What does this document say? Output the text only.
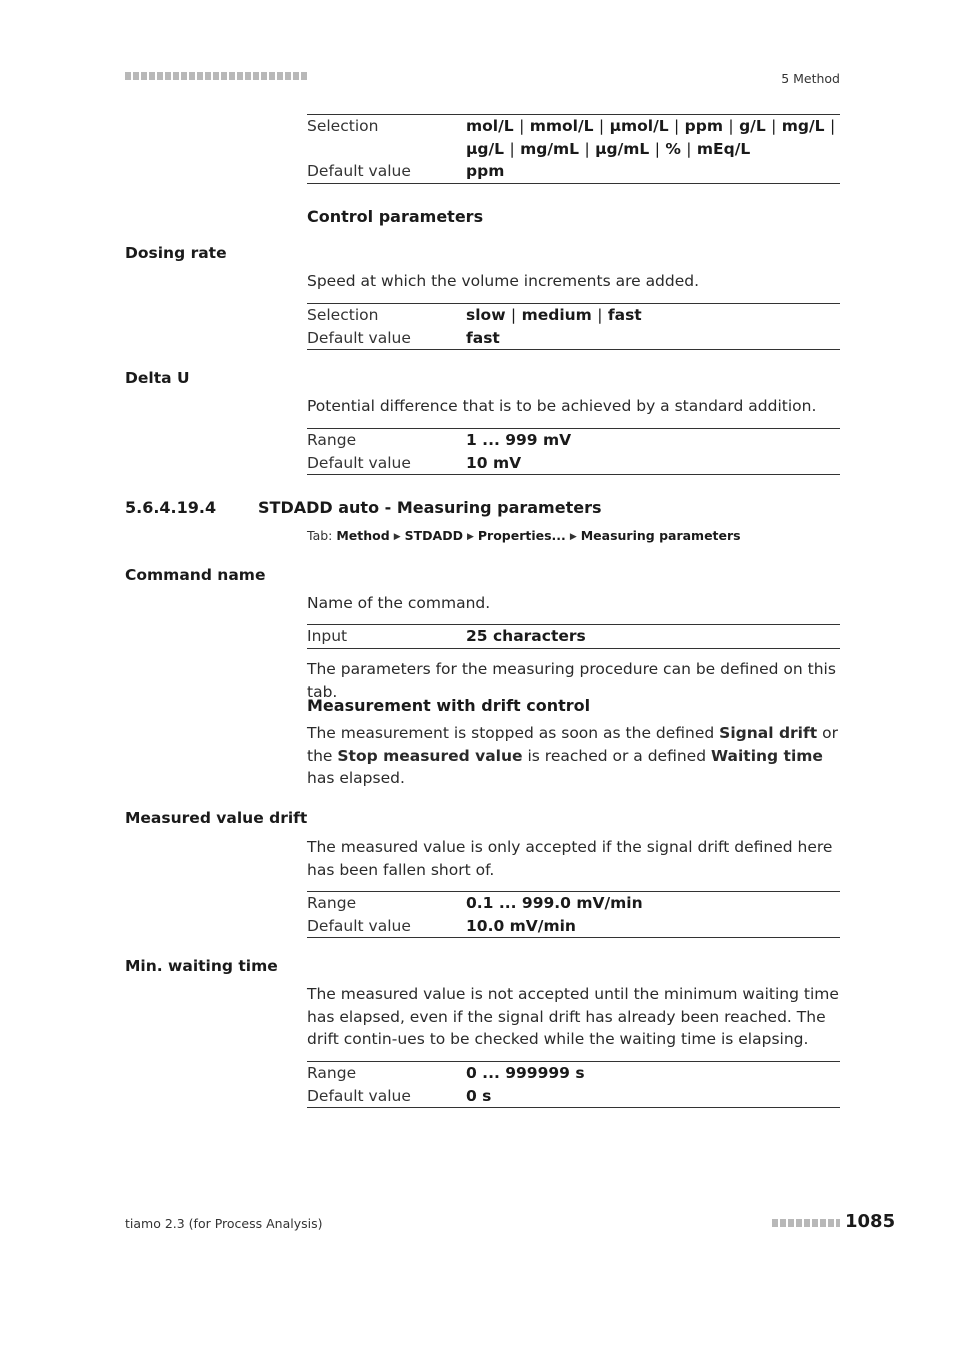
5 Method
Selection	mol/L | mmol/L | µmol/L | ppm | g/L | mg/L | µg/L | mg/mL | µg/mL | % | mEq/L
Default value	ppm
Control parameters
Dosing rate
Speed at which the volume increments are added.
Selection	slow | medium | fast
Default value	fast
Delta U
Potential difference that is to be achieved by a standard addition.
Range	1 ... 999 mV
Default value	10 mV
5.6.4.19.4	STDADD auto - Measuring parameters
Tab: Method ▶ STDADD ▶ Properties... ▶ Measuring parameters
Command name
Name of the command.
Input	25 characters
The parameters for the measuring procedure can be defined on this tab.
Measurement with drift control
The measurement is stopped as soon as the defined Signal drift or the Stop measured value is reached or a defined Waiting time has elapsed.
Measured value drift
The measured value is only accepted if the signal drift defined here has been fallen short of.
Range	0.1 ... 999.0 mV/min
Default value	10.0 mV/min
Min. waiting time
The measured value is not accepted until the minimum waiting time has elapsed, even if the signal drift has already been reached. The drift contin-ues to be checked while the waiting time is elapsing.
Range	0 ... 999999 s
Default value	0 s
tiamo 2.3 (for Process Analysis)	1085
